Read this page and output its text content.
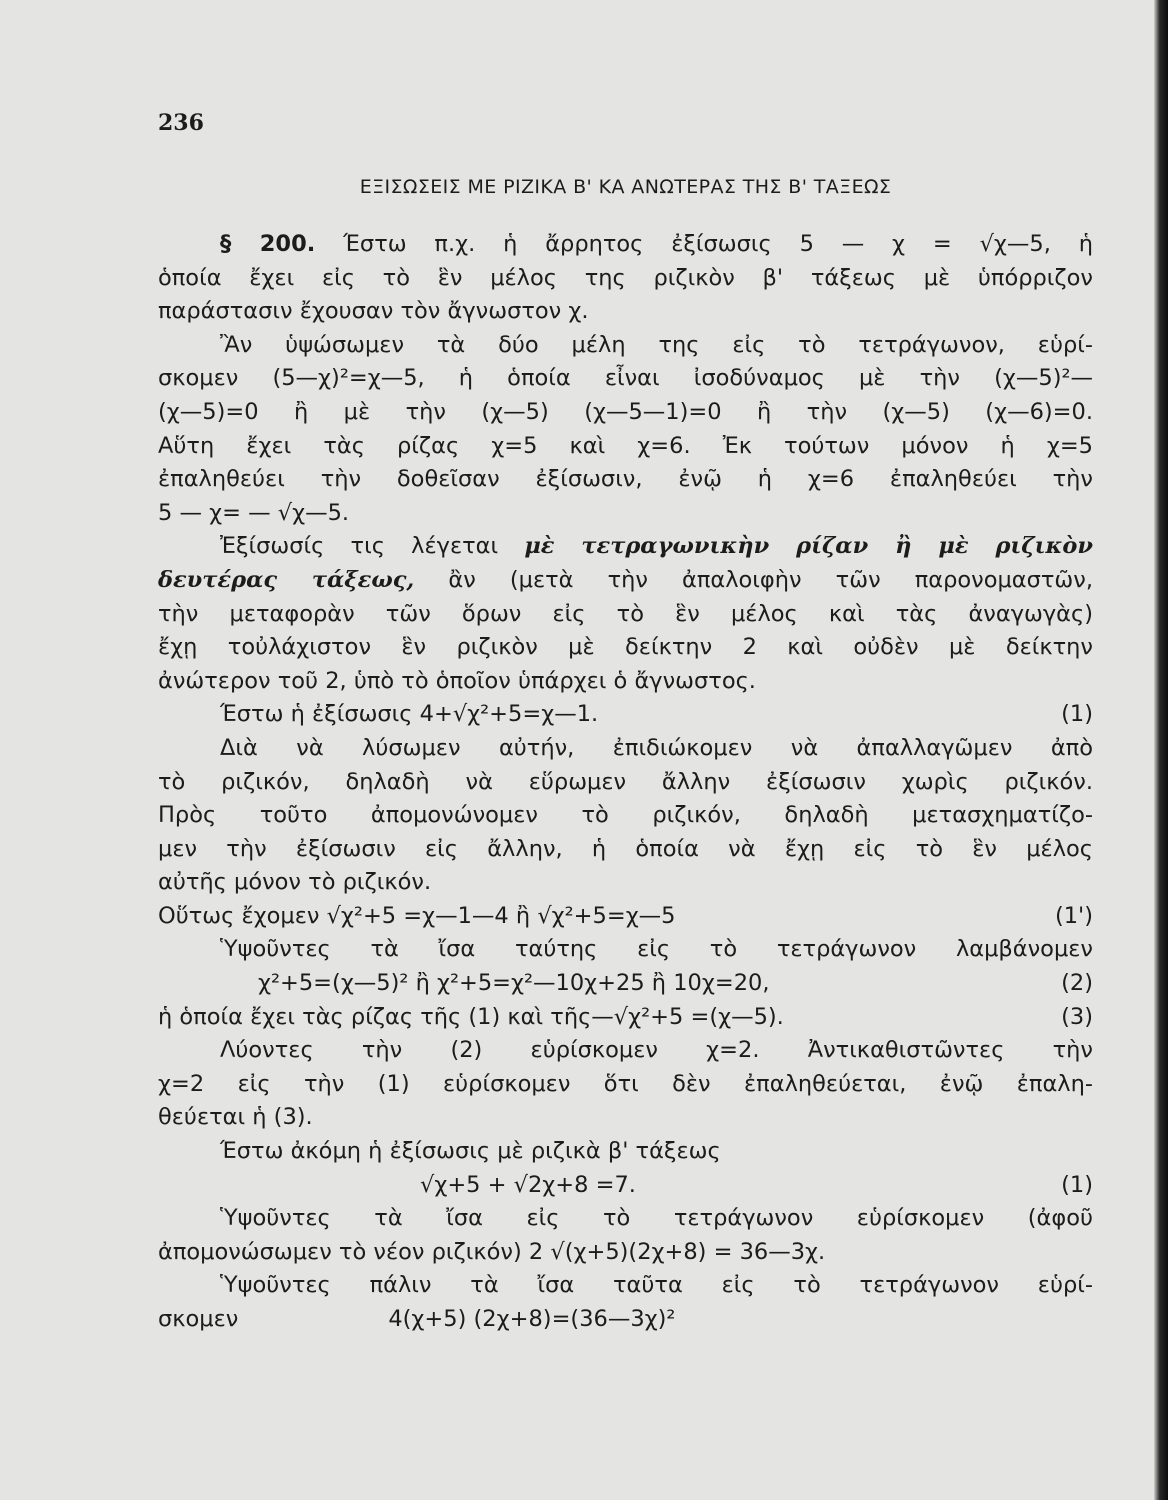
236
ΕΞΙΣΩΣΕΙΣ ΜΕ ΡΙΖΙΚΑ Β' ΚΑ ΑΝΩΤΕΡΑΣ ΤΗΣ Β' ΤΑΞΕΩΣ
§ 200. Έστω π.χ. ἡ ἄρρητος ἐξίσωσις 5 — χ = √χ—5, ἡ
ὁποία ἔχει εἰς τὸ ἓν μέλος της ριζικὸν β' τάξεως μὲ ὑπόρριζον
παράστασιν ἔχουσαν τὸν ἄγνωστον χ.
Ἂν ὑψώσωμεν τὰ δύο μέλη της εἰς τὸ τετράγωνον, εὑρί-
σκομεν (5—χ)²=χ—5, ἡ ὁποία εἶναι ἰσοδύναμος μὲ τὴν (χ—5)²—
(χ—5)=0 ἢ μὲ τὴν (χ—5) (χ—5—1)=0 ἢ τὴν (χ—5) (χ—6)=0.
Αὕτη ἔχει τὰς ρίζας χ=5 καὶ χ=6. Ἐκ τούτων μόνον ἡ χ=5
ἐπαληθεύει τὴν δοθεῖσαν ἐξίσωσιν, ἐνῷ ἡ χ=6 ἐπαληθεύει τὴν
5 — χ= — √χ—5.
Ἐξίσωσίς τις λέγεται μὲ τετραγωνικὴν ρίζαν ἢ μὲ ριζικὸν
δευτέρας τάξεως, ἂν (μετὰ τὴν ἀπαλοιφὴν τῶν παρονομαστῶν,
τὴν μεταφορὰν τῶν ὅρων εἰς τὸ ἓν μέλος καὶ τὰς ἀναγωγὰς)
ἔχῃ τοὐλάχιστον ἓν ριζικὸν μὲ δείκτην 2 καὶ οὐδὲν μὲ δείκτην
ἀνώτερον τοῦ 2, ὑπὸ τὸ ὁποῖον ὑπάρχει ὁ ἄγνωστος.
Έστω ἡ ἐξίσωσις 4+√χ²+5=χ—1.	(1)
Διὰ νὰ λύσωμεν αὐτήν, ἐπιδιώκομεν νὰ ἀπαλλαγῶμεν ἀπὸ
τὸ ριζικόν, δηλαδὴ νὰ εὕρωμεν ἄλλην ἐξίσωσιν χωρὶς ριζικόν.
Πρὸς τοῦτο ἀπομονώνομεν τὸ ριζικόν, δηλαδὴ μετασχηματίζο-
μεν τὴν ἐξίσωσιν εἰς ἄλλην, ἡ ὁποία νὰ ἔχῃ εἰς τὸ ἓν μέλος
αὐτῆς μόνον τὸ ριζικόν.
Οὕτως ἔχομεν √χ²+5 =χ—1—4 ἢ √χ²+5=χ—5	(1')
Ὑψοῦντες τὰ ἴσα ταύτης εἰς τὸ τετράγωνον λαμβάνομεν
χ²+5=(χ—5)² ἢ χ²+5=χ²—10χ+25 ἢ 10χ=20,	(2)
ἡ ὁποία ἔχει τὰς ρίζας τῆς (1) καὶ τῆς—√χ²+5 =(χ—5).	(3)
Λύοντες τὴν (2) εὑρίσκομεν χ=2. Ἀντικαθιστῶντες τὴν
χ=2 εἰς τὴν (1) εὑρίσκομεν ὅτι δὲν ἐπαληθεύεται, ἐνῷ ἐπαλη-
θεύεται ἡ (3).
Έστω ἀκόμη ἡ ἐξίσωσις μὲ ριζικὰ β' τάξεως
√χ+5 + √2χ+8 =7.	(1)
Ὑψοῦντες τὰ ἴσα εἰς τὸ τετράγωνον εὑρίσκομεν (ἀφοῦ
ἀπομονώσωμεν τὸ νέον ριζικόν) 2 √(χ+5)(2χ+8) = 36—3χ.
Ὑψοῦντες πάλιν τὰ ἴσα ταῦτα εἰς τὸ τετράγωνον εὑρί-
σκομεν	4(χ+5) (2χ+8)=(36—3χ)²
